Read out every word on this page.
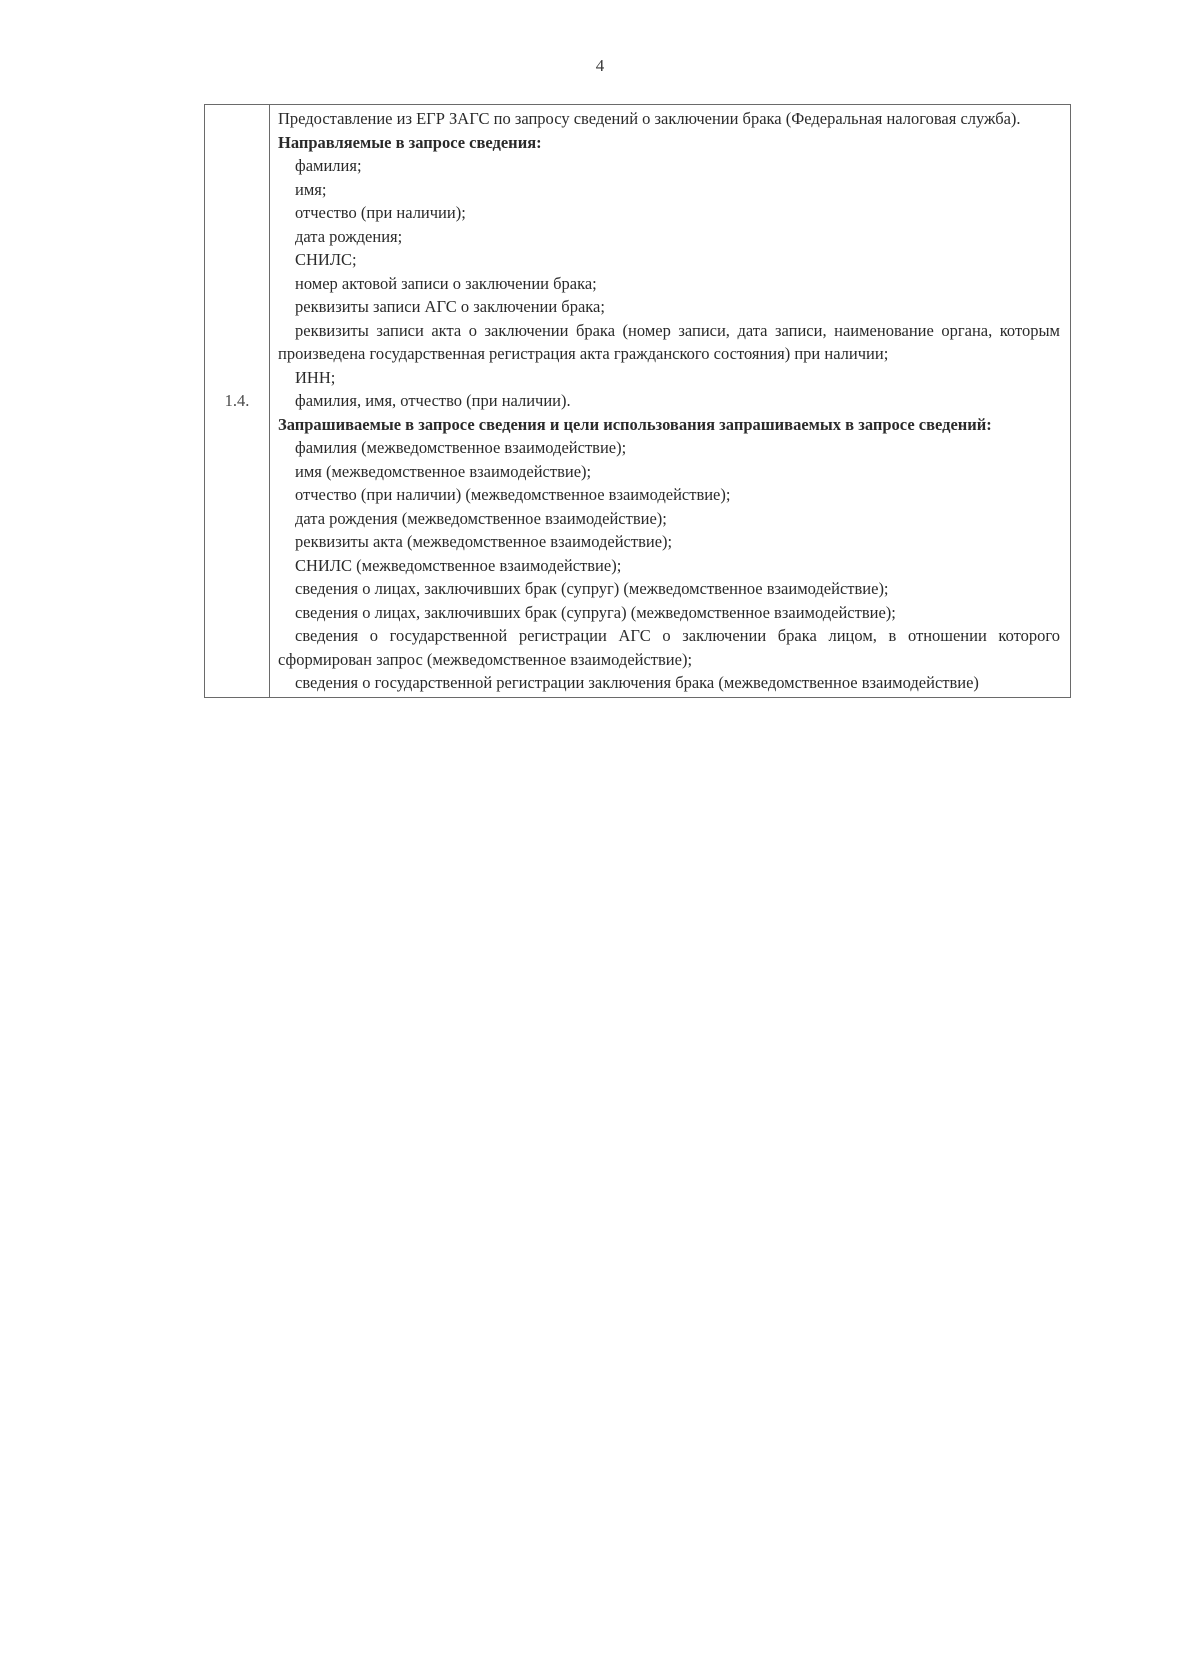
4
1.4.	

Предоставление из ЕГР ЗАГС по запросу сведений о заключении брака (Федеральная налоговая служба).

Направляемые в запросе сведения:

фамилия;

имя;

отчество (при наличии);

дата рождения;

СНИЛС;

номер актовой записи о заключении брака;

реквизиты записи АГС о заключении брака;

реквизиты записи акта о заключении брака (номер записи, дата записи, наименование органа, которым произведена государственная регистрация акта гражданского состояния) при наличии;

ИНН;

фамилия, имя, отчество (при наличии).

Запрашиваемые в запросе сведения и цели использования запрашиваемых в запросе сведений:

фамилия (межведомственное взаимодействие);

имя (межведомственное взаимодействие);

отчество (при наличии) (межведомственное взаимодействие);

дата рождения (межведомственное взаимодействие);

реквизиты акта (межведомственное взаимодействие);

СНИЛС (межведомственное взаимодействие);

сведения о лицах, заключивших брак (супруг) (межведомственное взаимодействие);

сведения о лицах, заключивших брак (супруга) (межведомственное взаимодействие);

сведения о государственной регистрации АГС о заключении брака лицом, в отношении которого сформирован запрос (межведомственное взаимодействие);

сведения о государственной регистрации заключения брака (межведомственное взаимодействие)
